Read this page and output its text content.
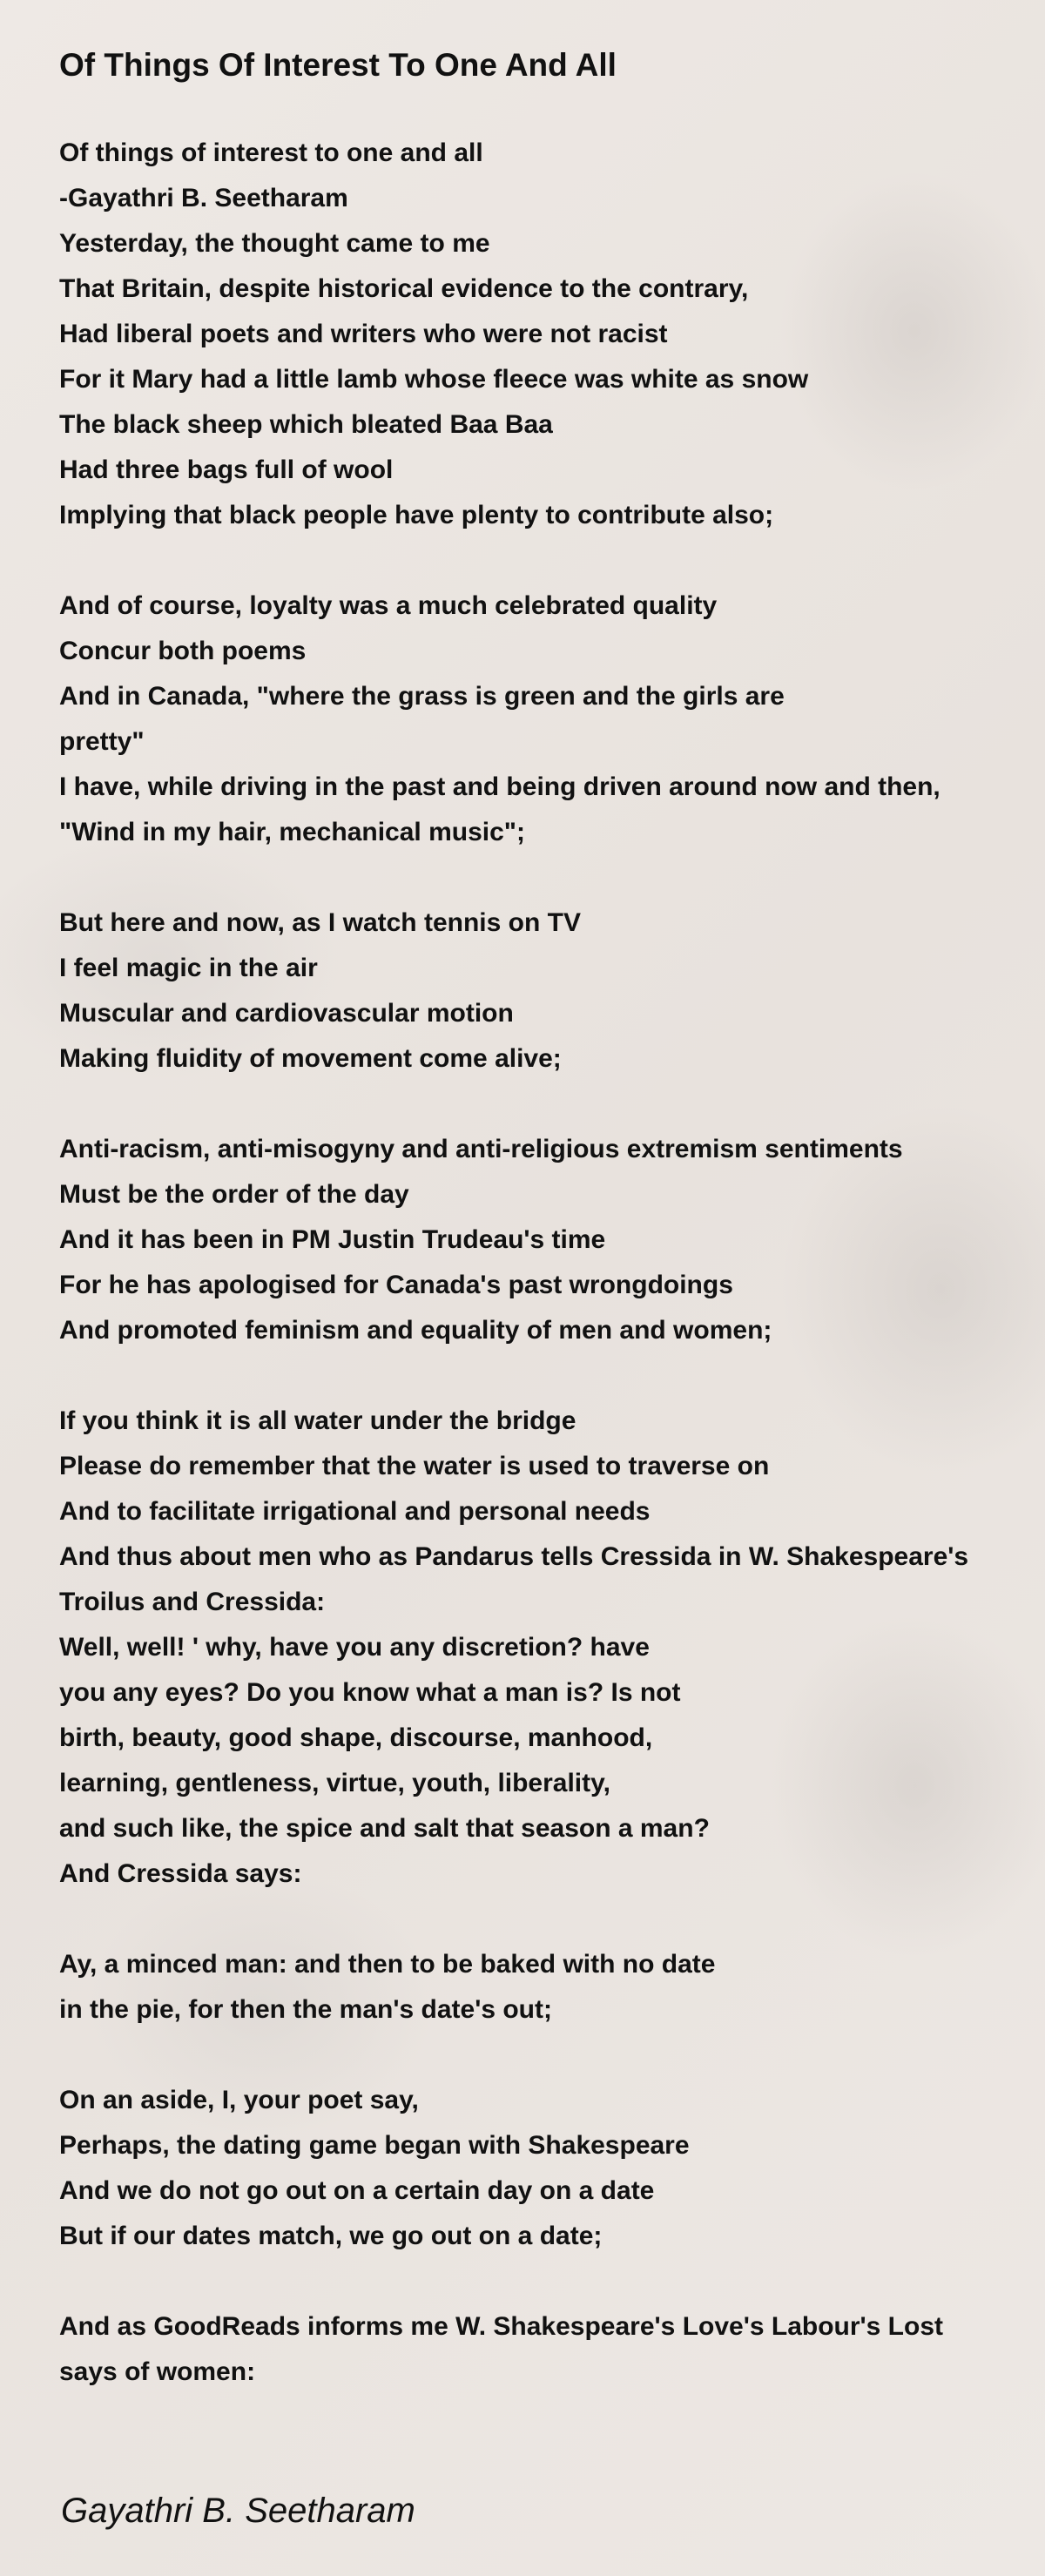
Of Things Of Interest To One And All
Of things of interest to one and all
-Gayathri B. Seetharam
Yesterday, the thought came to me
That Britain, despite historical evidence to the contrary,
Had liberal poets and writers who were not racist
For it Mary had a little lamb whose fleece was white as snow
The black sheep which bleated Baa Baa
Had three bags full of wool
Implying that black people have plenty to contribute also;
And of course, loyalty was a much celebrated quality
Concur both poems
And in Canada, "where the grass is green and the girls are
pretty"
I have, while driving in the past and being driven around now and then,
"Wind in my hair, mechanical music";
But here and now, as I watch tennis on TV
I feel magic in the air
Muscular and cardiovascular motion
Making fluidity of movement come alive;
Anti-racism, anti-misogyny and anti-religious extremism sentiments
Must be the order of the day
And it has been in PM Justin Trudeau's time
For he has apologised for Canada's past wrongdoings
And promoted feminism and equality of men and women;
If you think it is all water under the bridge
Please do remember that the water is used to traverse on
And to facilitate irrigational and personal needs
And thus about men who as Pandarus tells Cressida in W. Shakespeare's
Troilus and Cressida:
Well, well! ' why, have you any discretion? have
you any eyes? Do you know what a man is? Is not
birth, beauty, good shape, discourse, manhood,
learning, gentleness, virtue, youth, liberality,
and such like, the spice and salt that season a man?
And Cressida says:
Ay, a minced man: and then to be baked with no date
in the pie, for then the man's date's out;
On an aside, I, your poet say,
Perhaps, the dating game began with Shakespeare
And we do not go out on a certain day on a date
But if our dates match, we go out on a date;
And as GoodReads informs me W. Shakespeare's Love's Labour's Lost
says of women:
Gayathri B. Seetharam
